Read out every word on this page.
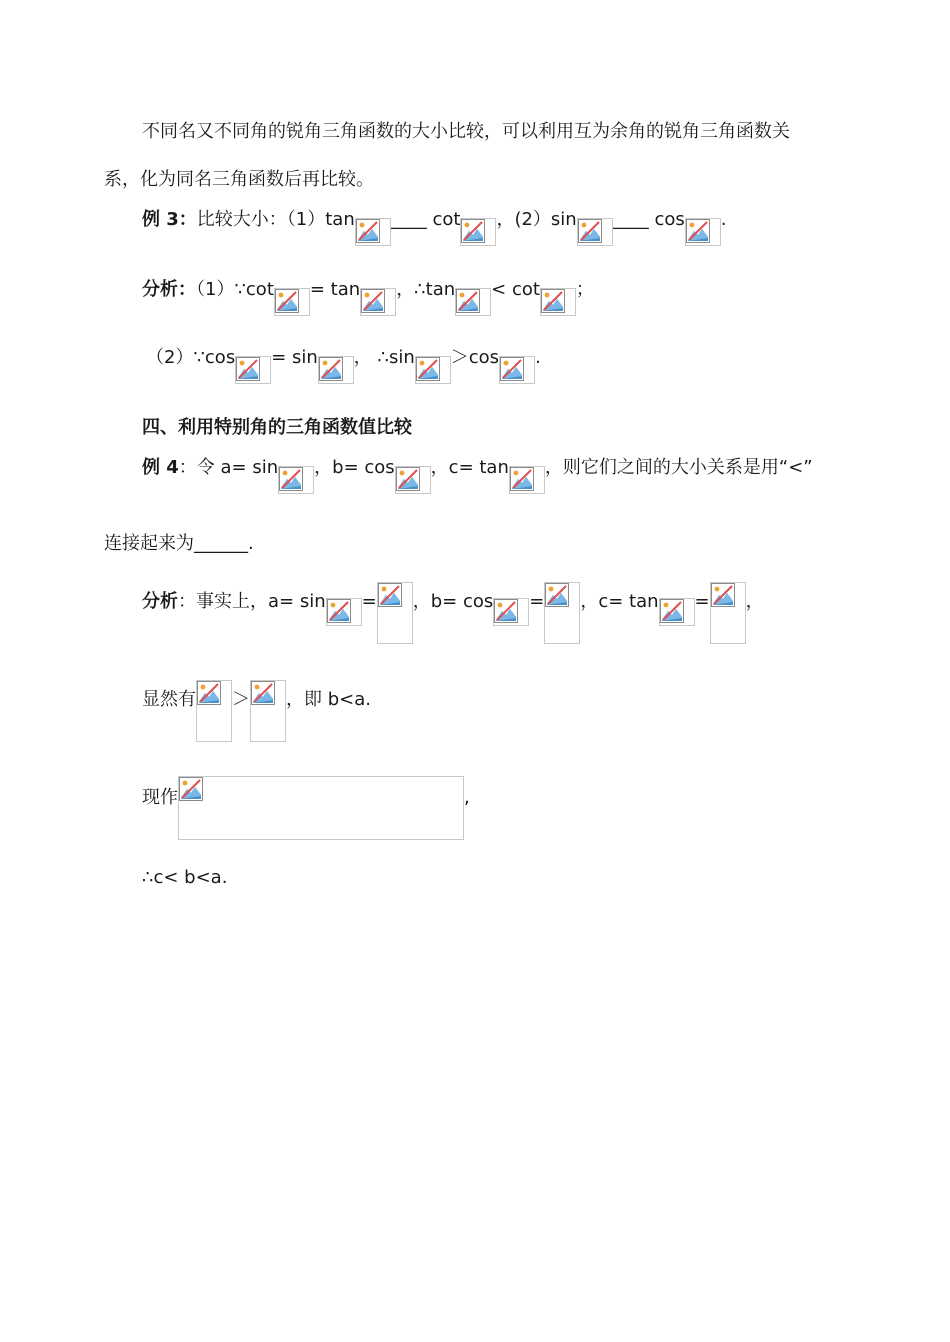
不同名又不同角的锐角三角函数的大小比较，可以利用互为余角的锐角三角函数关
系，化为同名三角函数后再比较。
例 3：比较大小：（1）tan ____ cot ，(2）sin ____ cos .
分析：（1）∵cot = tan ，∴tan < cot ；
（2）∵cos = sin ， ∴sin ＞cos .
四、利用特别角的三角函数值比较
例 4：令 a= sin ，b= cos ，c= tan ，则它们之间的大小关系是用“<”
连接起来为______.
分析：事实上，a= sin = ，b= cos = ，c= tan = ，
显然有 ＞ ，即 b<a.
现作	,
∴c< b<a.
